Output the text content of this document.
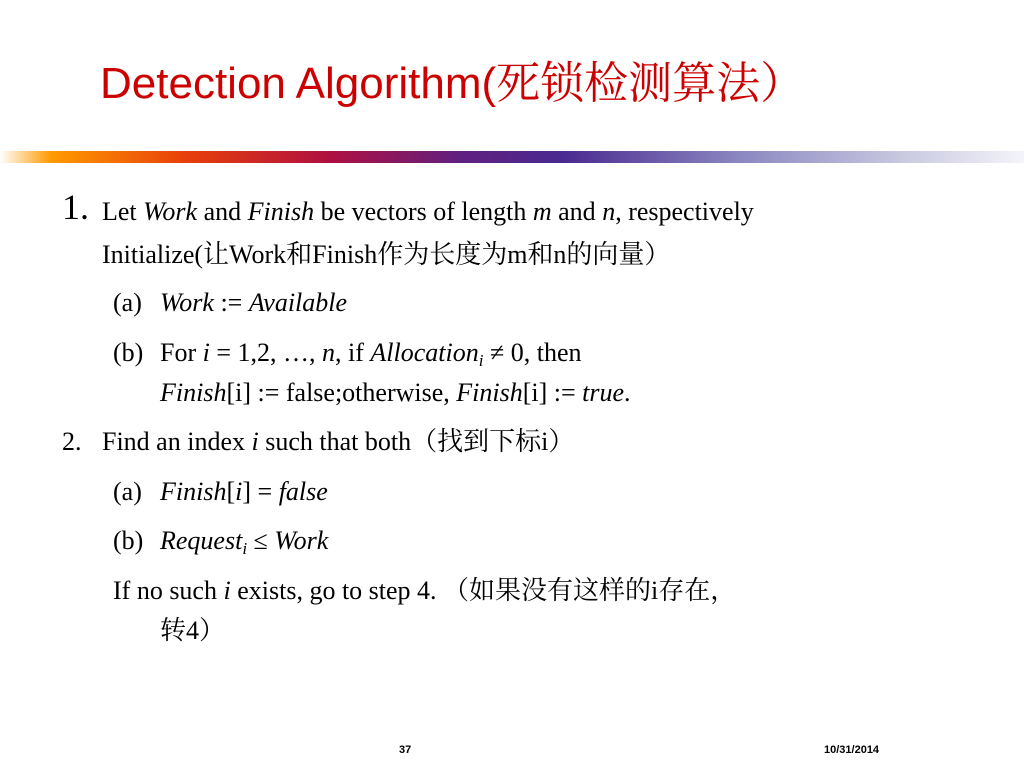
Detection Algorithm(死锁检测算法）
1. Let Work and Finish be vectors of length m and n, respectively
Initialize(让Work和Finish作为长度为m和n的向量）
(a) Work := Available
(b) For i = 1,2, …, n, if Allocation$_i$ ≠ 0, then
Finish[i] := false;otherwise, Finish[i] := true.
2. Find an index i such that both（找到下标i）
(a) Finish[i] = false
(b) Request$_i$ ≤ Work
If no such i exists, go to step 4. （如果没有这样的i存在，
转4）
37	10/31/2014
